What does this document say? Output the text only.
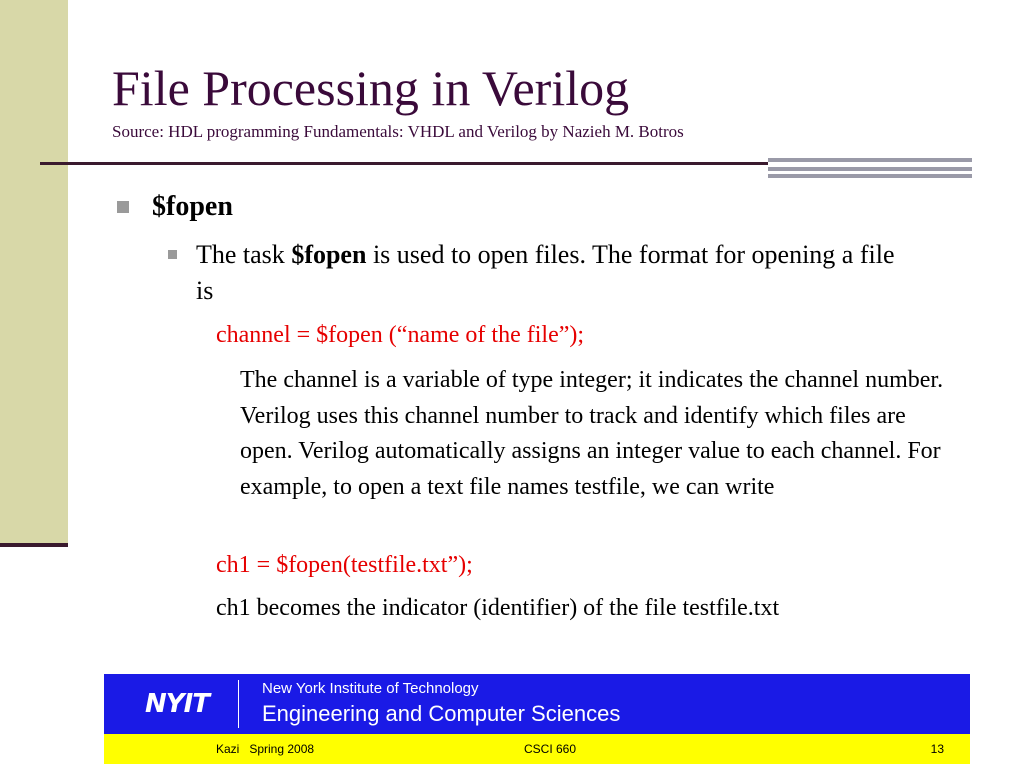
File Processing in Verilog
Source: HDL programming Fundamentals: VHDL and Verilog by Nazieh M. Botros
$fopen
The task $fopen is used to open files. The format for opening a file is
channel = $fopen (“name of the file”);
The channel is a variable of type integer; it indicates the channel number. Verilog uses this channel number to track and identify which files are open. Verilog automatically assigns an integer value to each channel. For example, to open a text file names testfile, we can write
ch1 = $fopen(testfile.txt”);
ch1 becomes the indicator (identifier) of the file testfile.txt
NYIT
New York Institute of Technology
Engineering and Computer Sciences
Kazi   Spring 2008	CSCI 660	13
